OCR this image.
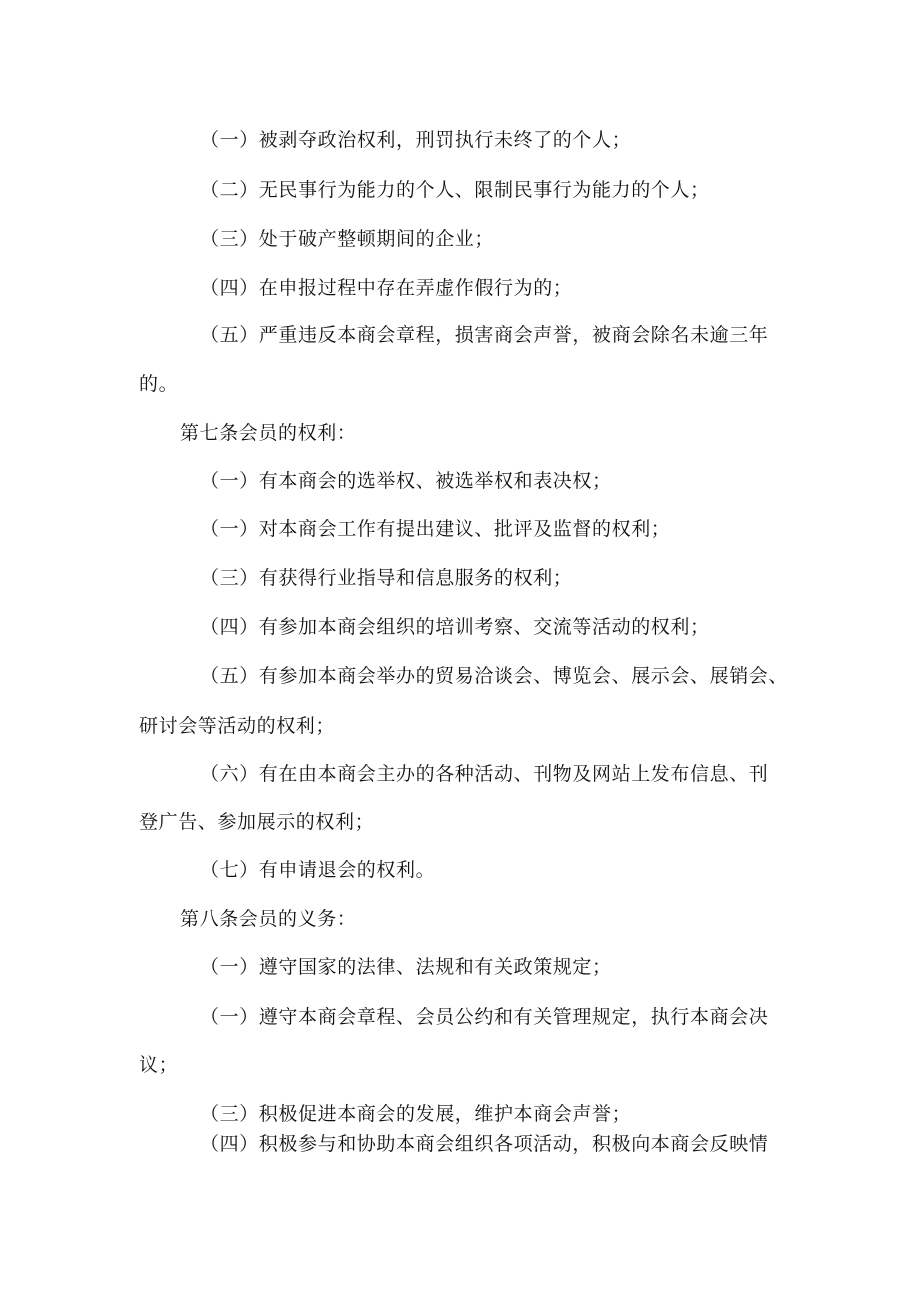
（一）被剥夺政治权利，刑罚执行未终了的个人；
（二）无民事行为能力的个人、限制民事行为能力的个人；
（三）处于破产整顿期间的企业；
（四）在申报过程中存在弄虚作假行为的；
（五）严重违反本商会章程，损害商会声誉，被商会除名未逾三年
的。
第七条会员的权利：
（一）有本商会的选举权、被选举权和表决权；
（一）对本商会工作有提出建议、批评及监督的权利；
（三）有获得行业指导和信息服务的权利；
（四）有参加本商会组织的培训考察、交流等活动的权利；
（五）有参加本商会举办的贸易洽谈会、博览会、展示会、展销会、
研讨会等活动的权利；
（六）有在由本商会主办的各种活动、刊物及网站上发布信息、刊
登广告、参加展示的权利；
（七）有申请退会的权利。
第八条会员的义务：
（一）遵守国家的法律、法规和有关政策规定；
（一）遵守本商会章程、会员公约和有关管理规定，执行本商会决
议；
（三）积极促进本商会的发展，维护本商会声誉；
（四）积极参与和协助本商会组织各项活动，积极向本商会反映情
